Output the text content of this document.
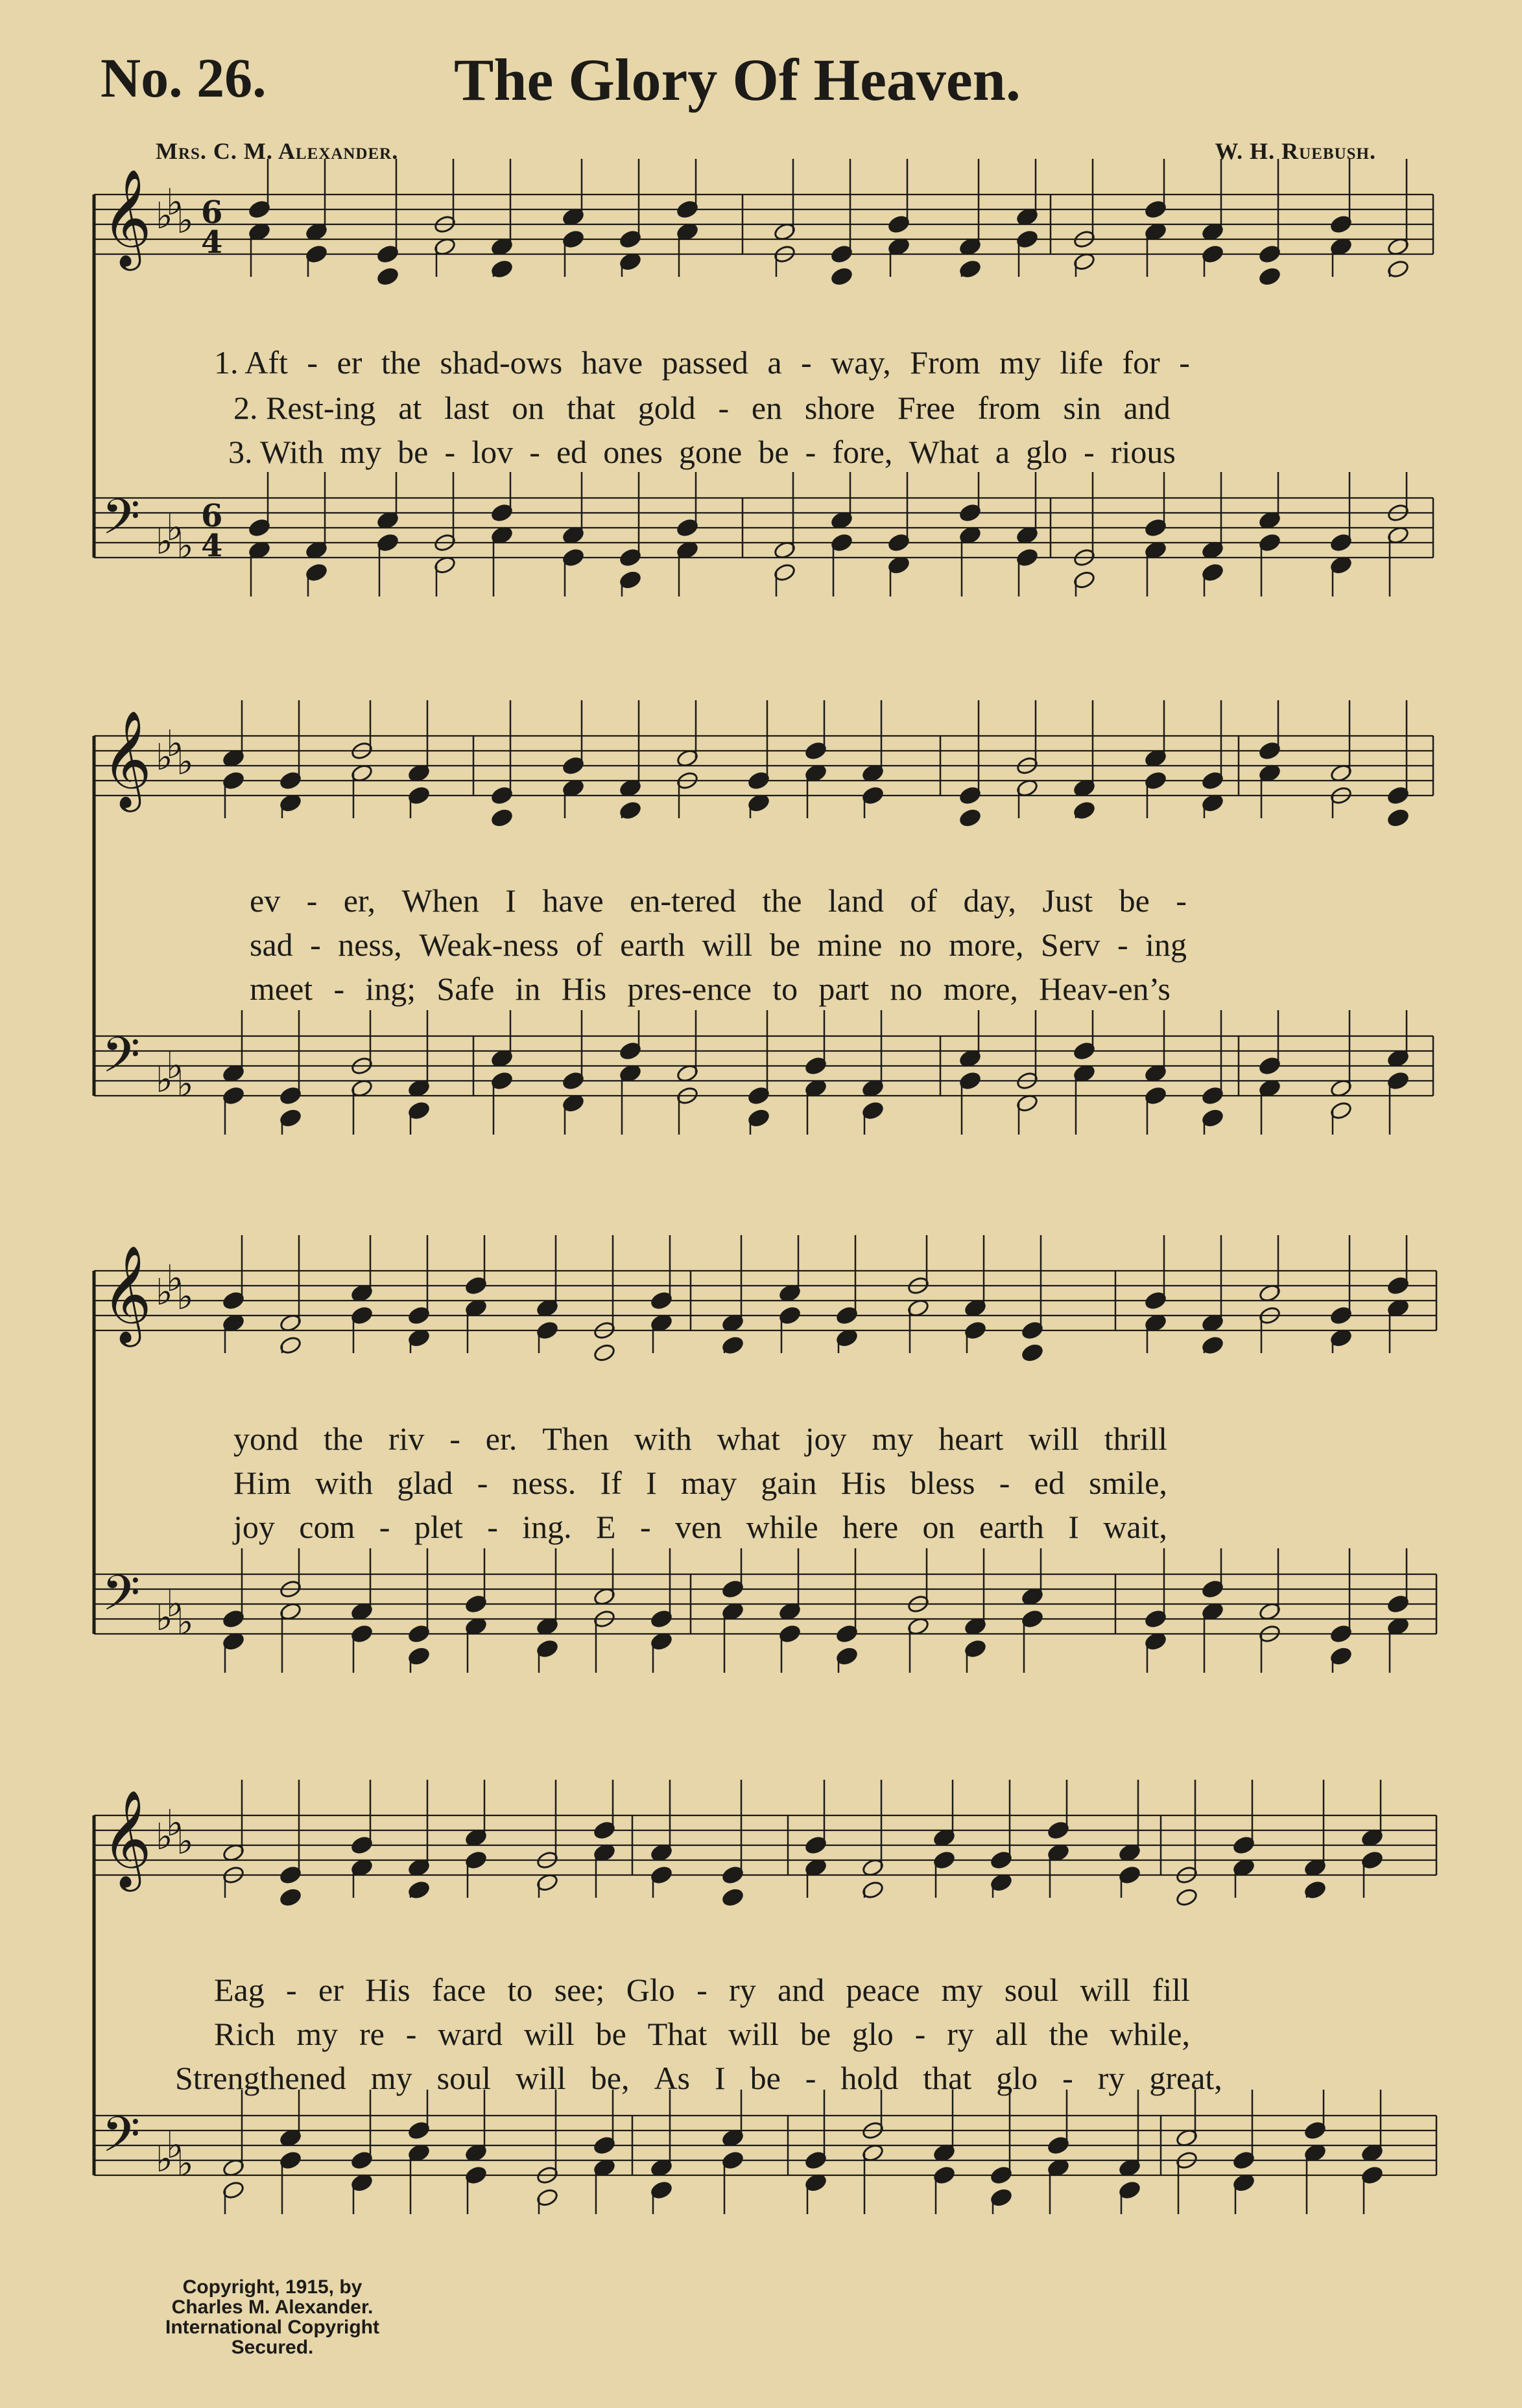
No. 26.	The Glory Of Heaven.
Mrs. C. M. Alexander.	W. H. Ruebush.
𝄞 ♭
♭
♭ 6
4
𝄢 ♭
♭
♭
6
4
𝄞 ♭
♭
♭
𝄢 ♭
♭
♭
𝄞 ♭
♭
♭
𝄢 ♭
♭
♭
𝄞 ♭
♭
♭
𝄢 ♭
♭
♭
1. Aft - er the shad-ows have passed a - way, From my life for -
2. Rest-ing at last on that gold - en shore Free from sin and
3. With my be - lov - ed ones gone be - fore, What a glo - rious
ev - er, When I have en-tered the land of day, Just be -
sad - ness, Weak-ness of earth will be mine no more, Serv - ing
meet - ing; Safe in His pres-ence to part no more, Heav-en’s
yond the riv - er. Then with what joy my heart will thrill
Him with glad - ness. If I may gain His bless - ed smile,
joy com - plet - ing. E - ven while here on earth I wait,
Eag - er His face to see; Glo - ry and peace my soul will fill
Rich my re - ward will be That will be glo - ry all the while,
Strengthened my soul will be, As I be - hold that glo - ry great,
Copyright, 1915, by
Charles M. Alexander.
International Copyright Secured.
